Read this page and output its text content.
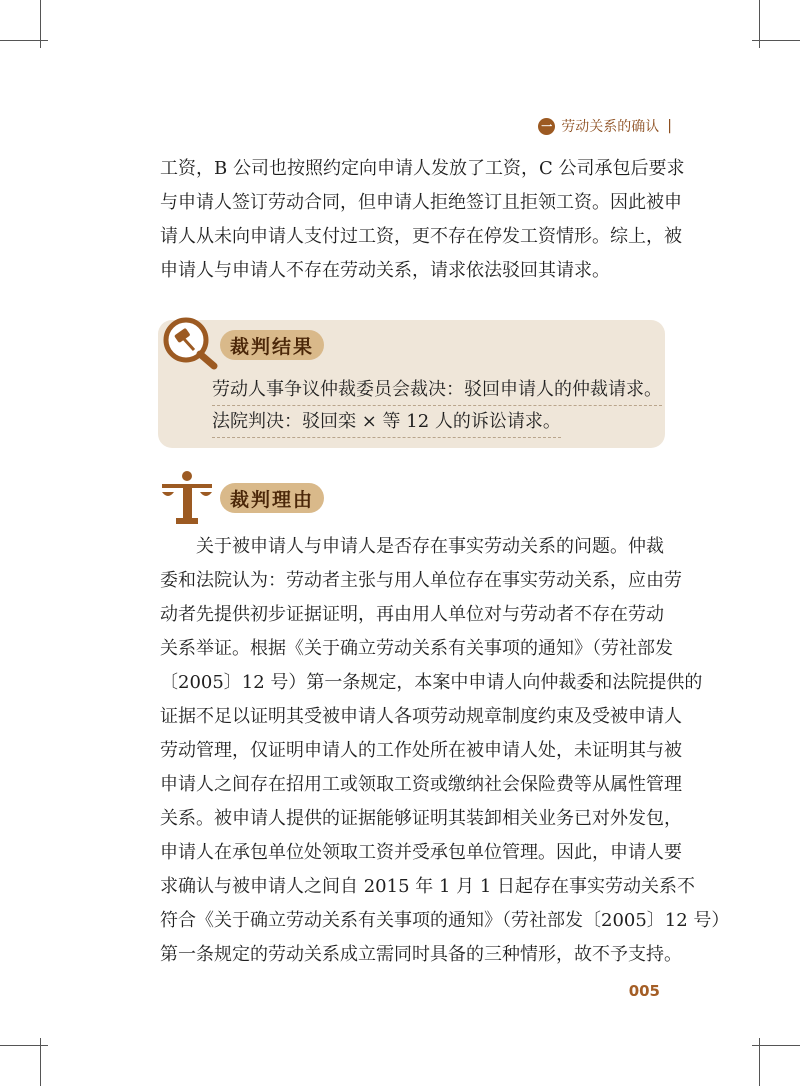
一 劳动关系的确认 |
工资，B 公司也按照约定向申请人发放了工资，C 公司承包后要求
与申请人签订劳动合同，但申请人拒绝签订且拒领工资。因此被申
请人从未向申请人支付过工资，更不存在停发工资情形。综上，被
申请人与申请人不存在劳动关系，请求依法驳回其请求。
裁判结果
劳动人事争议仲裁委员会裁决：驳回申请人的仲裁请求。
法院判决：驳回栾 × 等 12 人的诉讼请求。
裁判理由
关于被申请人与申请人是否存在事实劳动关系的问题。仲裁
委和法院认为：劳动者主张与用人单位存在事实劳动关系，应由劳
动者先提供初步证据证明，再由用人单位对与劳动者不存在劳动
关系举证。根据《关于确立劳动关系有关事项的通知》（劳社部发
〔2005〕12 号）第一条规定，本案中申请人向仲裁委和法院提供的
证据不足以证明其受被申请人各项劳动规章制度约束及受被申请人
劳动管理，仅证明申请人的工作处所在被申请人处，未证明其与被
申请人之间存在招用工或领取工资或缴纳社会保险费等从属性管理
关系。被申请人提供的证据能够证明其装卸相关业务已对外发包，
申请人在承包单位处领取工资并受承包单位管理。因此，申请人要
求确认与被申请人之间自 2015 年 1 月 1 日起存在事实劳动关系不
符合《关于确立劳动关系有关事项的通知》（劳社部发〔2005〕12 号）
第一条规定的劳动关系成立需同时具备的三种情形，故不予支持。
005
